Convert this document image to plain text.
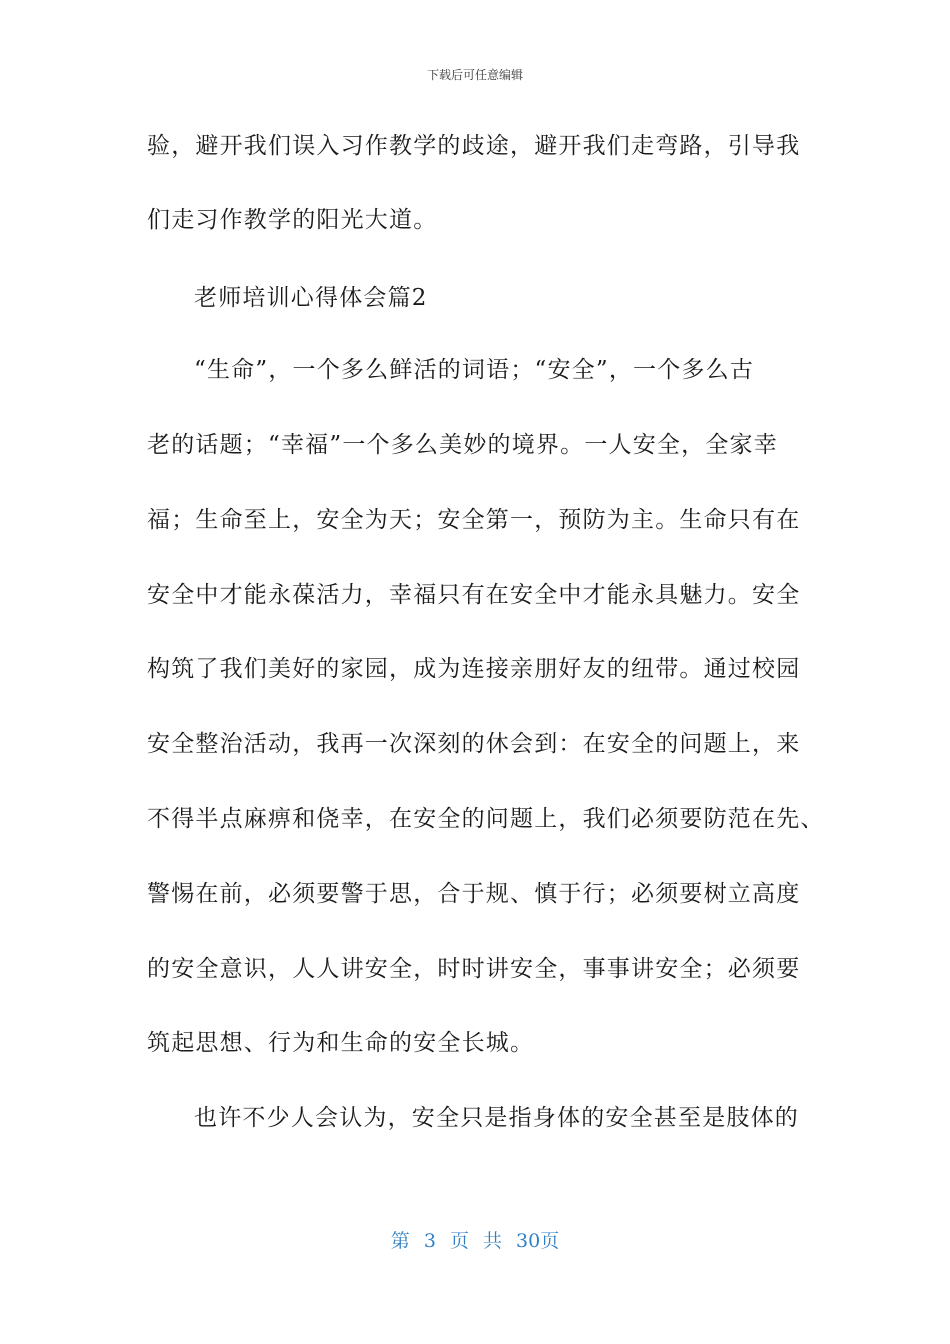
下载后可任意编辑
验，避开我们误入习作教学的歧途，避开我们走弯路，引导我
们走习作教学的阳光大道。
老师培训心得体会篇2
“生命”，一个多么鲜活的词语；“安全”，一个多么古
老的话题；“幸福”一个多么美妙的境界。一人安全，全家幸
福；生命至上，安全为天；安全第一，预防为主。生命只有在
安全中才能永葆活力，幸福只有在安全中才能永具魅力。安全
构筑了我们美好的家园，成为连接亲朋好友的纽带。通过校园
安全整治活动，我再一次深刻的休会到：在安全的问题上，来
不得半点麻痹和侥幸，在安全的问题上，我们必须要防范在先、
警惕在前，必须要警于思，合于规、慎于行；必须要树立高度
的安全意识，人人讲安全，时时讲安全，事事讲安全；必须要
筑起思想、行为和生命的安全长城。
也许不少人会认为，安全只是指身体的安全甚至是肢体的
第 3 页 共 30页
